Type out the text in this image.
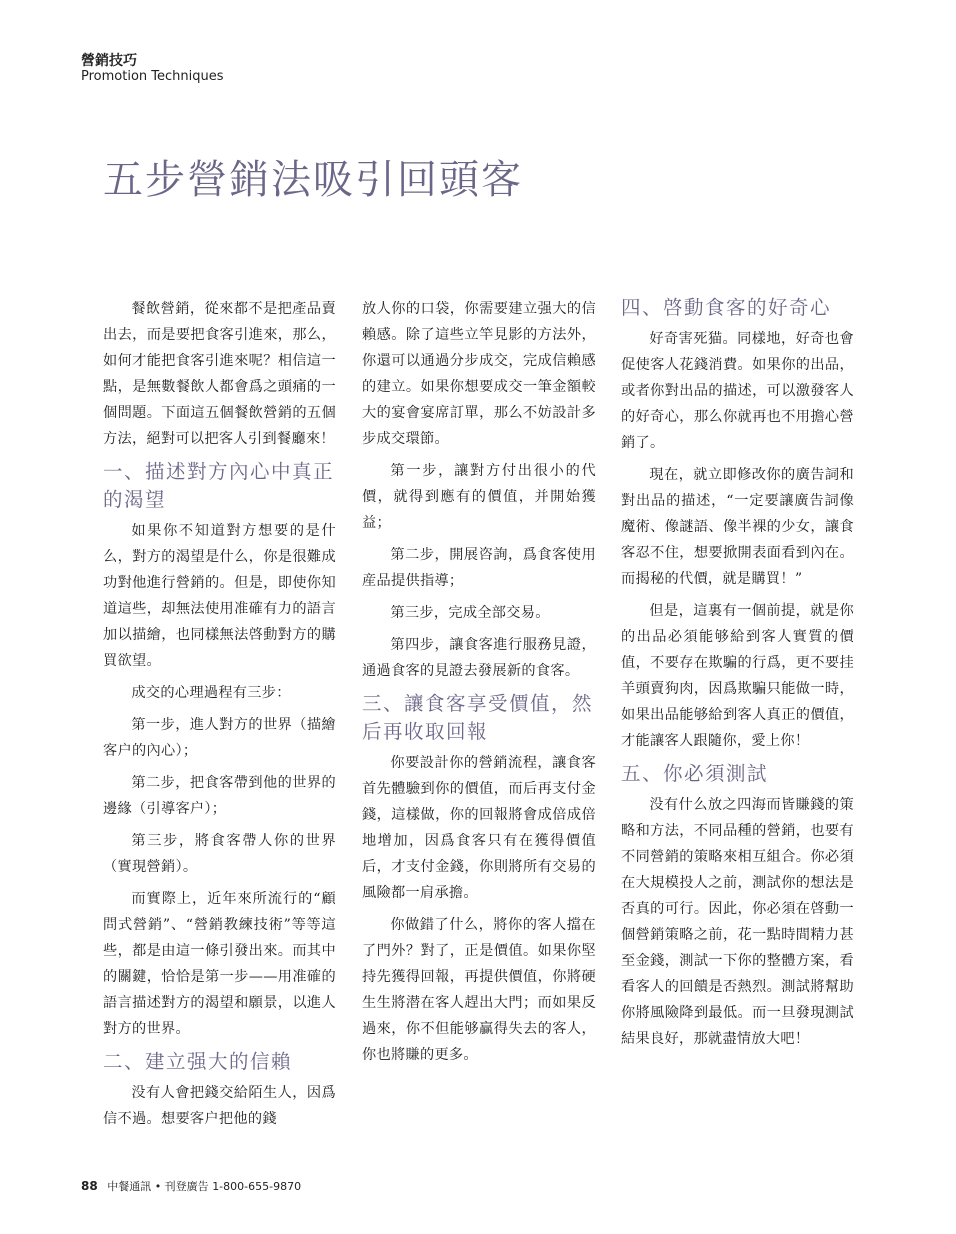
營銷技巧
Promotion Techniques
五步營銷法吸引回頭客

餐飲營銷，從來都不是把產品賣出去，而是要把食客引進來，那么，如何才能把食客引進來呢？相信這一點，是無數餐飲人都會爲之頭痛的一個問題。下面這五個餐飲營銷的五個方法，絕對可以把客人引到餐廳來！

一、描述對方內心中真正的渴望

如果你不知道對方想要的是什么，對方的渴望是什么，你是很難成功對他進行營銷的。但是，即使你知道這些，却無法使用准確有力的語言加以描繪，也同樣無法啓動對方的購買欲望。

成交的心理過程有三步：

第一步，進人對方的世界（描繪客户的內心）；

第二步，把食客帶到他的世界的邊緣（引導客户）；

第三步，將食客帶人你的世界（實現營銷）。

而實際上，近年來所流行的“顧問式營銷”、“營銷教練技術”等等這些，都是由這一條引發出來。而其中的關鍵，恰恰是第一步——用准確的語言描述對方的渴望和願景，以進人對方的世界。

二、建立强大的信賴

没有人會把錢交給陌生人，因爲信不過。想要客户把他的錢

放人你的口袋，你需要建立强大的信賴感。除了這些立竿見影的方法外，你還可以通過分步成交，完成信賴感的建立。如果你想要成交一筆金額較大的宴會宴席訂單，那么不妨設計多步成交環節。

第一步，讓對方付出很小的代價，就得到應有的價值，并開始獲益；

第二步，開展咨詢，爲食客使用産品提供指導；

第三步，完成全部交易。

第四步，讓食客進行服務見證，通過食客的見證去發展新的食客。

三、讓食客享受價值，然后再收取回報

你要設計你的營銷流程，讓食客首先體驗到你的價值，而后再支付金錢，這樣做，你的回報將會成倍成倍地增加，因爲食客只有在獲得價值后，才支付金錢，你則將所有交易的風險都一肩承擔。

你做錯了什么，將你的客人擋在了門外？對了，正是價值。如果你堅持先獲得回報，再提供價值，你將硬生生將潜在客人趕出大門；而如果反過來，你不但能够贏得失去的客人，你也將賺的更多。

四、啓動食客的好奇心

好奇害死猫。同樣地，好奇也會促使客人花錢消費。如果你的出品，或者你對出品的描述，可以激發客人的好奇心，那么你就再也不用擔心營銷了。

現在，就立即修改你的廣告詞和對出品的描述，“一定要讓廣告詞像魔術、像謎語、像半裸的少女，讓食客忍不住，想要掀開表面看到內在。而揭秘的代價，就是購買！”

但是，這裏有一個前提，就是你的出品必須能够給到客人實質的價值，不要存在欺騙的行爲，更不要挂羊頭賣狗肉，因爲欺騙只能做一時，如果出品能够給到客人真正的價值，才能讓客人跟隨你，愛上你！

五、你必須測試

没有什么放之四海而皆賺錢的策略和方法，不同品種的營銷，也要有不同營銷的策略來相互組合。你必須在大規模投人之前，測試你的想法是否真的可行。因此，你必須在啓動一個營銷策略之前，花一點時間精力甚至金錢，測試一下你的整體方案，看看客人的回饋是否熱烈。測試將幫助你將風險降到最低。而一旦發現測試結果良好，那就盡情放大吧！

88 中餐通訊 • 刊登廣告 1-800-655-9870
